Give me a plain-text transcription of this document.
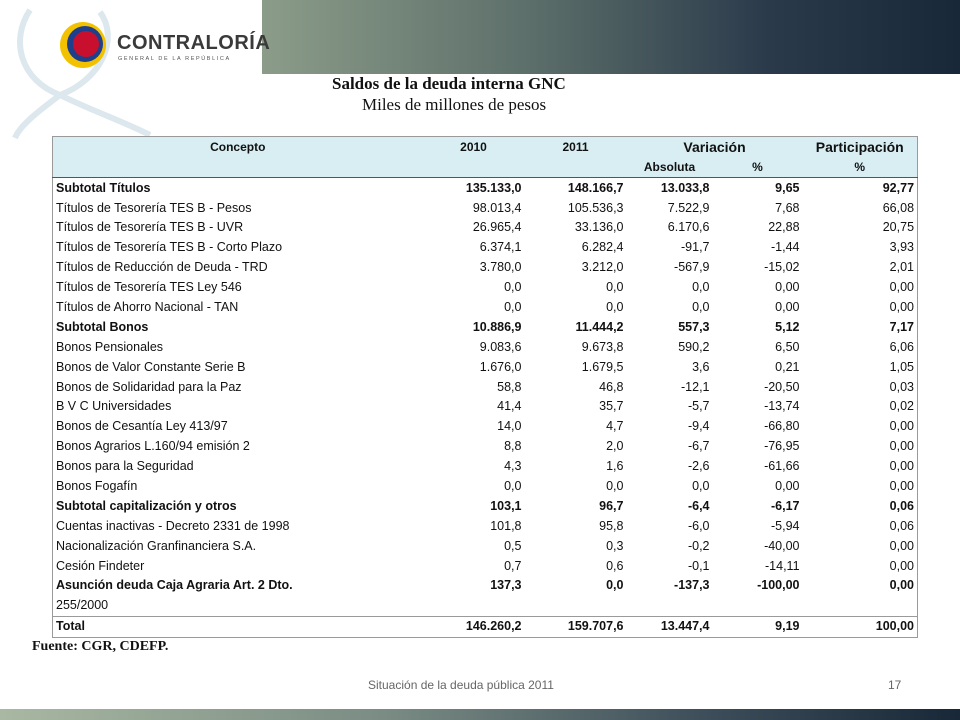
CONTRALORÍA
GENERAL DE LA REPÚBLICA
Saldos de la deuda interna GNC
Miles de millones de pesos
Concepto	2010	2011	Variación		Participación
			Absoluta	%	%
Subtotal Títulos	135.133,0	148.166,7	13.033,8	9,65	92,77
Títulos de Tesorería TES B - Pesos	98.013,4	105.536,3	7.522,9	7,68	66,08
Títulos de Tesorería TES B - UVR	26.965,4	33.136,0	6.170,6	22,88	20,75
Títulos de Tesorería TES B - Corto Plazo	6.374,1	6.282,4	-91,7	-1,44	3,93
Títulos de Reducción de Deuda - TRD	3.780,0	3.212,0	-567,9	-15,02	2,01
Títulos de Tesorería TES Ley 546	0,0	0,0	0,0	0,00	0,00
Títulos de Ahorro Nacional - TAN	0,0	0,0	0,0	0,00	0,00
Subtotal Bonos	10.886,9	11.444,2	557,3	5,12	7,17
Bonos Pensionales	9.083,6	9.673,8	590,2	6,50	6,06
Bonos de Valor Constante Serie B	1.676,0	1.679,5	3,6	0,21	1,05
Bonos de Solidaridad para la Paz	58,8	46,8	-12,1	-20,50	0,03
B V C Universidades	41,4	35,7	-5,7	-13,74	0,02
Bonos de Cesantía Ley 413/97	14,0	4,7	-9,4	-66,80	0,00
Bonos Agrarios L.160/94 emisión 2	8,8	2,0	-6,7	-76,95	0,00
Bonos para la Seguridad	4,3	1,6	-2,6	-61,66	0,00
Bonos Fogafín	0,0	0,0	0,0	0,00	0,00
Subtotal capitalización y otros	103,1	96,7	-6,4	-6,17	0,06
Cuentas inactivas - Decreto 2331 de 1998	101,8	95,8	-6,0	-5,94	0,06
Nacionalización Granfinanciera S.A.	0,5	0,3	-0,2	-40,00	0,00
Cesión Findeter	0,7	0,6	-0,1	-14,11	0,00
Asunción deuda Caja Agraria Art. 2 Dto.	137,3	0,0	-137,3	-100,00	0,00
255/2000					
Total	146.260,2	159.707,6	13.447,4	9,19	100,00
Fuente: CGR, CDEFP.
Situación de la deuda pública 2011	17
